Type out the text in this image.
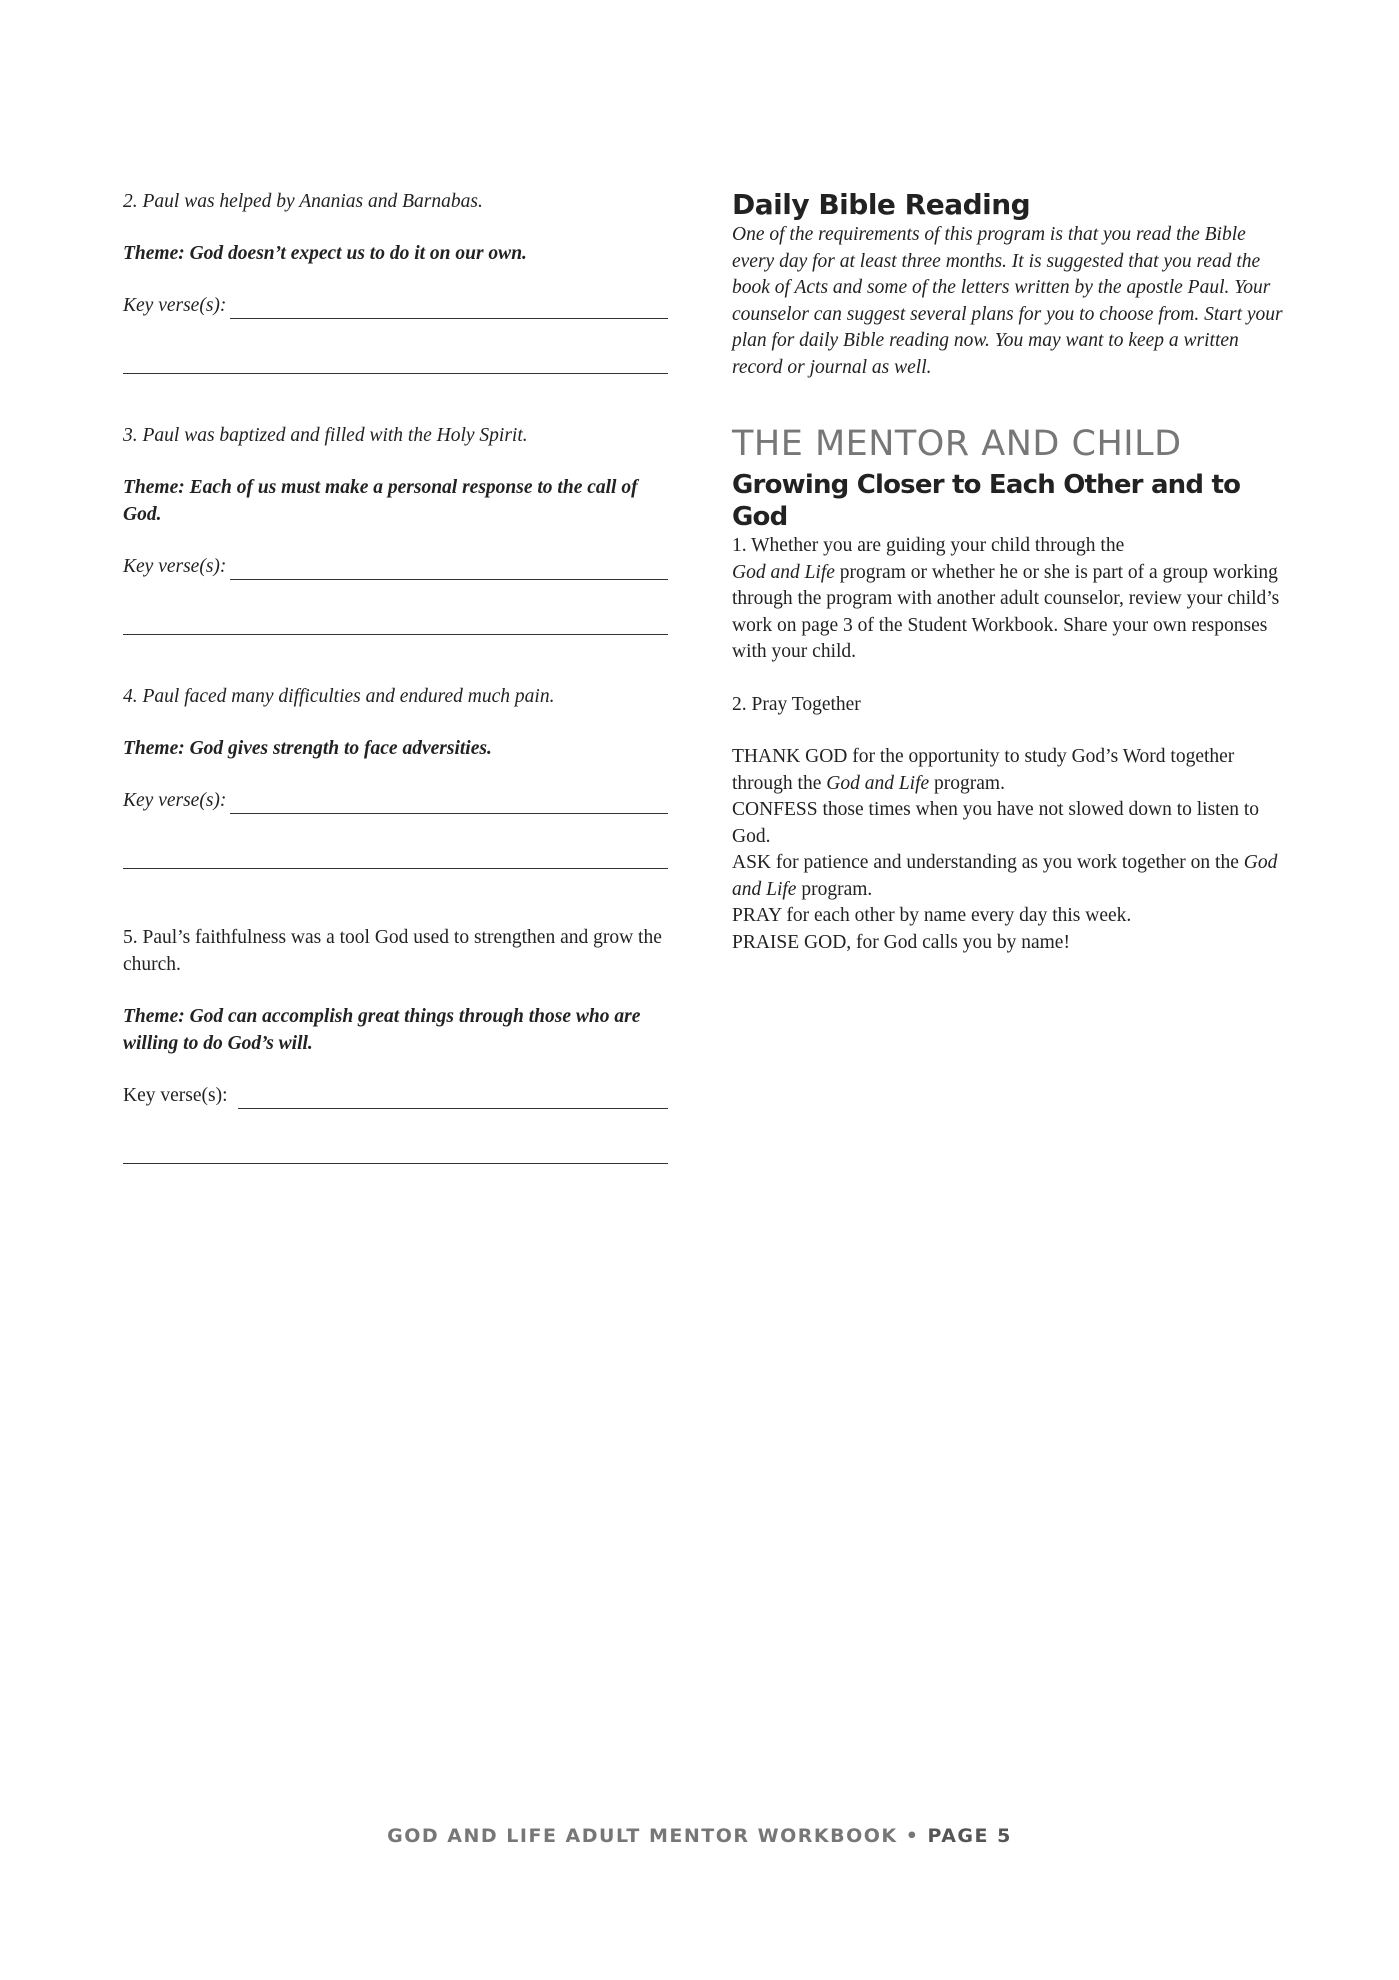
2. Paul was helped by Ananias and Barnabas.

Theme: God doesn’t expect us to do it on our own.

Key verse(s):

3. Paul was baptized and filled with the Holy Spirit.

Theme: Each of us must make a personal response to the call of God.

Key verse(s):

4. Paul faced many difficulties and endured much pain.

Theme: God gives strength to face adversities.

Key verse(s):

5. Paul’s faithfulness was a tool God used to strengthen and grow the church.

Theme: God can accomplish great things through those who are willing to do God’s will.

Key verse(s):
Daily Bible Reading

One of the requirements of this program is that you read the Bible every day for at least three months. It is suggested that you read the book of Acts and some of the letters written by the apostle Paul. Your counselor can suggest several plans for you to choose from. Start your plan for daily Bible reading now. You may want to keep a written record or journal as well.

THE MENTOR AND CHILD
Growing Closer to Each Other and to God

1. Whether you are guiding your child through the
God and Life program or whether he or she is part of a group working through the program with another adult counselor, review your child’s work on page 3 of the Student Workbook. Share your own responses with your child.

2. Pray Together

THANK GOD for the opportunity to study God’s Word together through the God and Life program.

CONFESS those times when you have not slowed down to listen to God.

ASK for patience and understanding as you work together on the God and Life program.

PRAY for each other by name every day this week.

PRAISE GOD, for God calls you by name!

GOD AND LIFE ADULT MENTOR WORKBOOK • PAGE 5
